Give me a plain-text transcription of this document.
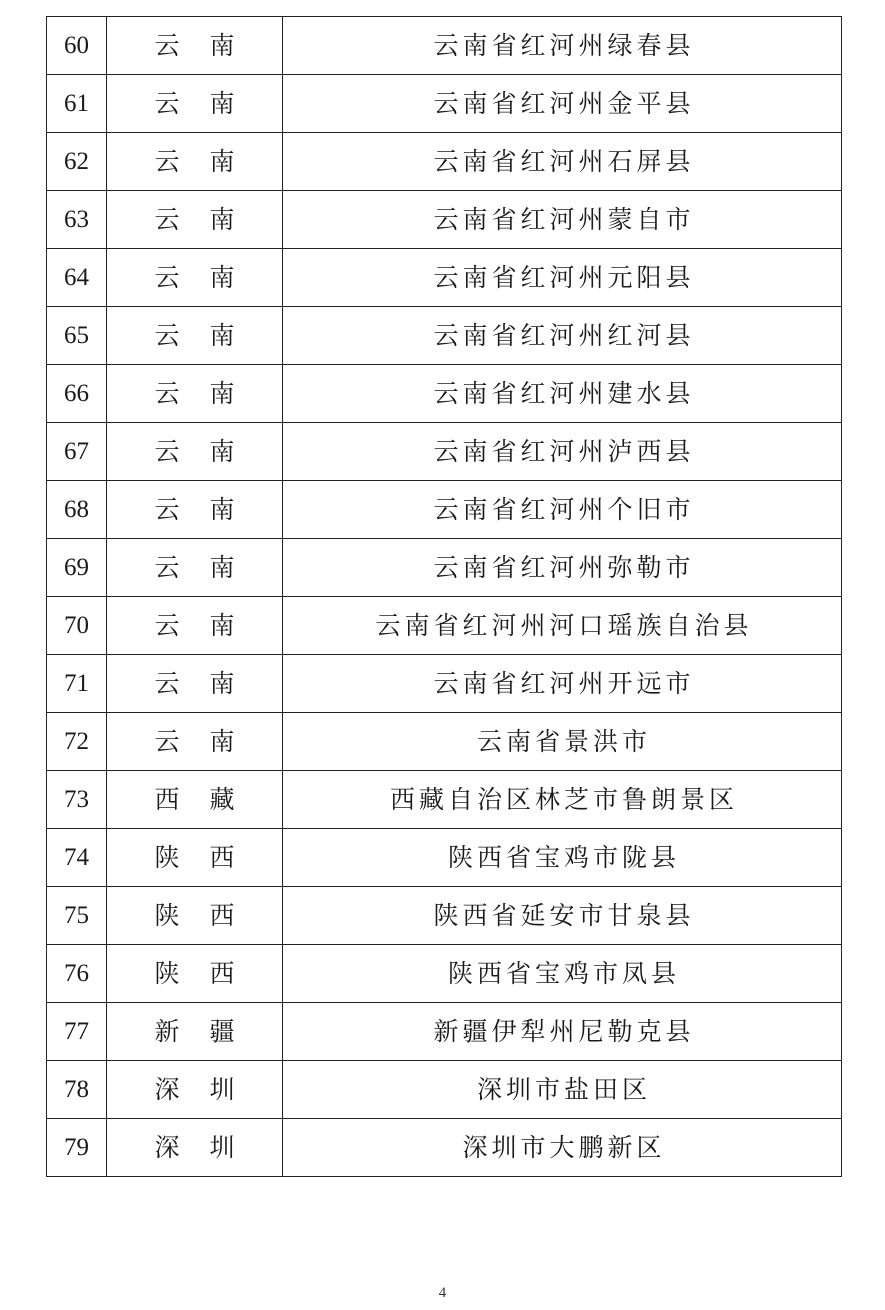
60	云南	云南省红河州绿春县
61	云南	云南省红河州金平县
62	云南	云南省红河州石屏县
63	云南	云南省红河州蒙自市
64	云南	云南省红河州元阳县
65	云南	云南省红河州红河县
66	云南	云南省红河州建水县
67	云南	云南省红河州泸西县
68	云南	云南省红河州个旧市
69	云南	云南省红河州弥勒市
70	云南	云南省红河州河口瑶族自治县
71	云南	云南省红河州开远市
72	云南	云南省景洪市
73	西藏	西藏自治区林芝市鲁朗景区
74	陕西	陕西省宝鸡市陇县
75	陕西	陕西省延安市甘泉县
76	陕西	陕西省宝鸡市凤县
77	新疆	新疆伊犁州尼勒克县
78	深圳	深圳市盐田区
79	深圳	深圳市大鹏新区
4
